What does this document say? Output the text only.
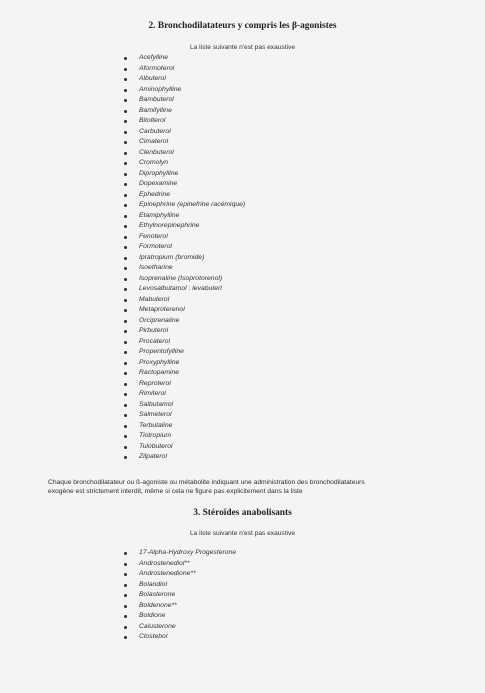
2. Bronchodilatateurs y compris les β-agonistes
La liste suivante n'est pas exaustive
Acefylline
Aformoterol
Albuterol
Aminophylline
Bambuterol
Bamifylline
Bitolterol
Carbuterol
Cimaterol
Clenbuterol
Cromolyn
Diprophylline
Dopexamine
Ephedrine
Epinephrine (epinefrine racémique)
Etamiphylline
Ethylnorepinephrine
Fenoterol
Formoterol
Ipratropium (bromide)
Isoetharine
Isoprenaline (Isoprotorenol)
Levosalbutamol : levabuterl
Mabuterol
Metaproterenol
Orciprenaline
Pirbuterol
Procaterol
Propentofylline
Proxyphylline
Ractopamine
Reproterol
Rimiterol
Salbutamol
Salmeterol
Terbutaline
Tiotropium
Tulobuterol
Zilpaterol
Chaque bronchodilatateur ou ß-agoniste ou métabolite indiquant une administration des bronchodilatateurs
exogène est strictement interdit, même si cela ne figure pas explicitement dans la liste
3. Stéroïdes anabolisants
La liste suivante n'est pas exaustive
17-Alpha-Hydroxy Progesterone
Androstenediol**
Androstenedione**
Bolandiol
Bolasterone
Boldenone**
Boldione
Calusterone
Clostebol
